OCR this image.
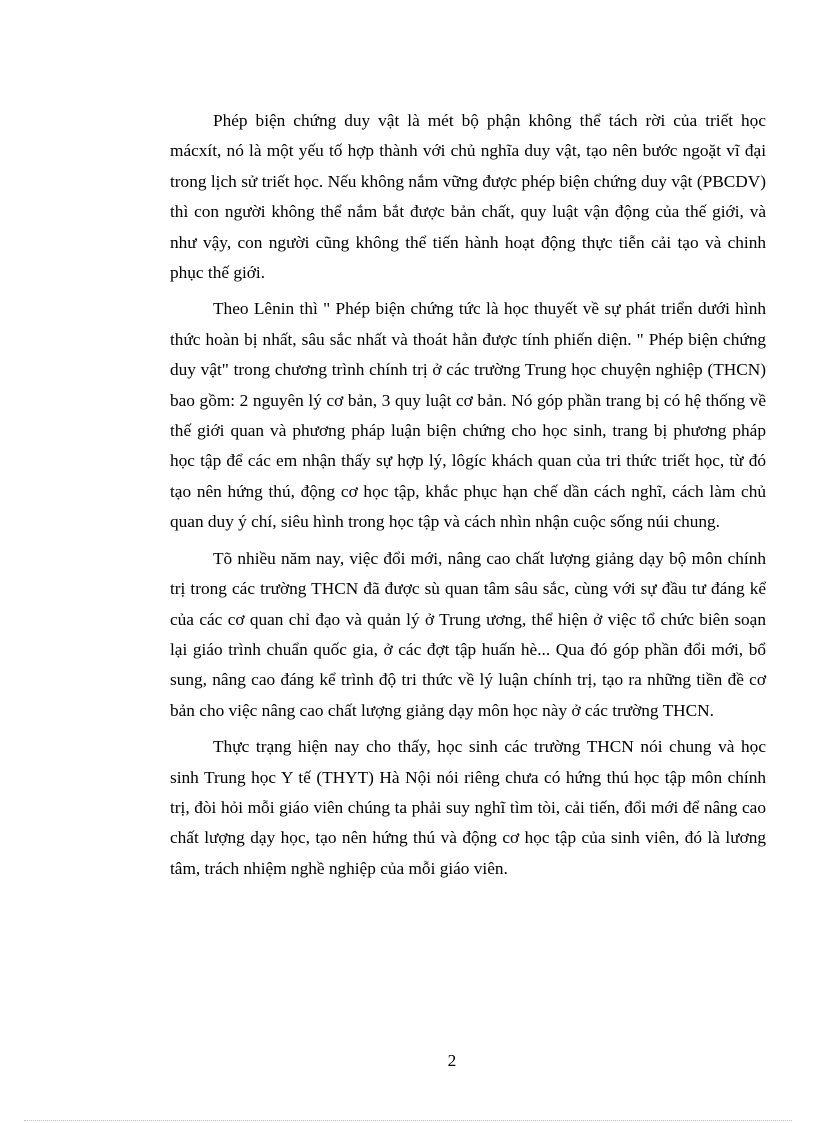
Phép biện chứng duy vật là mét bộ phận không thể tách rời của triết học mácxít, nó là một yếu tố hợp thành với chủ nghĩa duy vật, tạo nên bước ngoặt vĩ đại trong lịch sử triết học. Nếu không nắm vững được phép biện chứng duy vật (PBCDV) thì con người không thể nắm bắt được bản chất, quy luật vận động của thế giới, và như vậy, con người cũng không thể tiến hành hoạt động thực tiễn cải tạo và chinh phục thế giới.

Theo Lênin thì " Phép biện chứng tức là học thuyết về sự phát triển dưới hình thức hoàn bị nhất, sâu sắc nhất và thoát hẳn được tính phiến diện. " Phép biện chứng duy vật" trong chương trình chính trị ở các trường Trung học chuyện nghiệp (THCN) bao gồm: 2 nguyên lý cơ bản, 3 quy luật cơ bản. Nó góp phần trang bị có hệ thống về thế giới quan và phương pháp luận biện chứng cho học sinh, trang bị phương pháp học tập để các em nhận thấy sự hợp lý, lôgíc khách quan của tri thức triết học, từ đó tạo nên hứng thú, động cơ học tập, khắc phục hạn chế dần cách nghĩ, cách làm chủ quan duy ý chí, siêu hình trong học tập và cách nhìn nhận cuộc sống núi chung.

Tõ nhiều năm nay, việc đổi mới, nâng cao chất lượng giảng dạy bộ môn chính trị trong các trường THCN đã được sù quan tâm sâu sắc, cùng với sự đầu tư đáng kể của các cơ quan chỉ đạo và quản lý ở Trung ương, thể hiện ở việc tổ chức biên soạn lại giáo trình chuẩn quốc gia, ở các đợt tập huấn hè... Qua đó góp phần đổi mới, bổ sung, nâng cao đáng kể trình độ tri thức về lý luận chính trị, tạo ra những tiền đề cơ bản cho việc nâng cao chất lượng giảng dạy môn học này ở các trường THCN.

Thực trạng hiện nay cho thấy, học sinh các trường THCN nói chung và học sinh Trung học Y tế (THYT) Hà Nội nói riêng chưa có hứng thú học tập môn chính trị, đòi hỏi mỗi giáo viên chúng ta phải suy nghĩ tìm tòi, cải tiến, đổi mới để nâng cao chất lượng dạy học, tạo nên hứng thú và động cơ học tập của sinh viên, đó là lương tâm, trách nhiệm nghề nghiệp của mỗi giáo viên.

2
